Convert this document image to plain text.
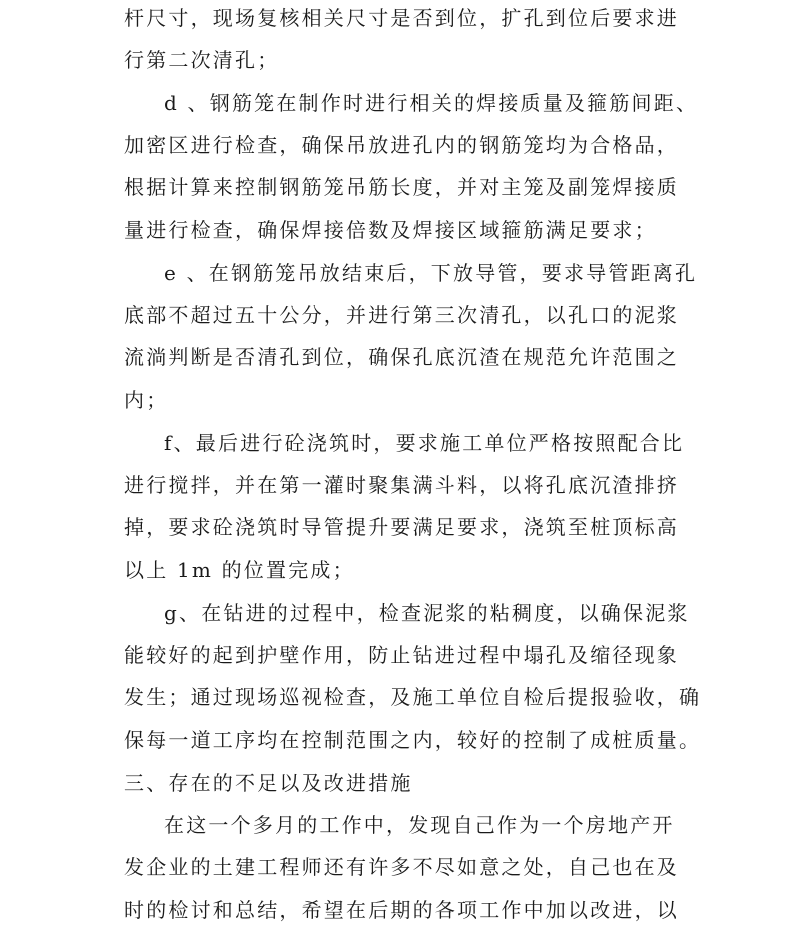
杆尺寸，现场复核相关尺寸是否到位，扩孔到位后要求进
行第二次清孔；
d 、钢筋笼在制作时进行相关的焊接质量及箍筋间距、
加密区进行检查，确保吊放进孔内的钢筋笼均为合格品，
根据计算来控制钢筋笼吊筋长度，并对主笼及副笼焊接质
量进行检查，确保焊接倍数及焊接区域箍筋满足要求；
e 、在钢筋笼吊放结束后，下放导管，要求导管距离孔
底部不超过五十公分，并进行第三次清孔，以孔口的泥浆
流淌判断是否清孔到位，确保孔底沉渣在规范允许范围之
内；
f、最后进行砼浇筑时，要求施工单位严格按照配合比
进行搅拌，并在第一灌时聚集满斗料，以将孔底沉渣排挤
掉，要求砼浇筑时导管提升要满足要求，浇筑至桩顶标高
以上 1m 的位置完成；
g、在钻进的过程中，检查泥浆的粘稠度，以确保泥浆
能较好的起到护壁作用，防止钻进过程中塌孔及缩径现象
发生；通过现场巡视检查，及施工单位自检后提报验收，确
保每一道工序均在控制范围之内，较好的控制了成桩质量。
三、存在的不足以及改进措施
在这一个多月的工作中，发现自己作为一个房地产开
发企业的土建工程师还有许多不尽如意之处，自己也在及
时的检讨和总结，希望在后期的各项工作中加以改进，以
